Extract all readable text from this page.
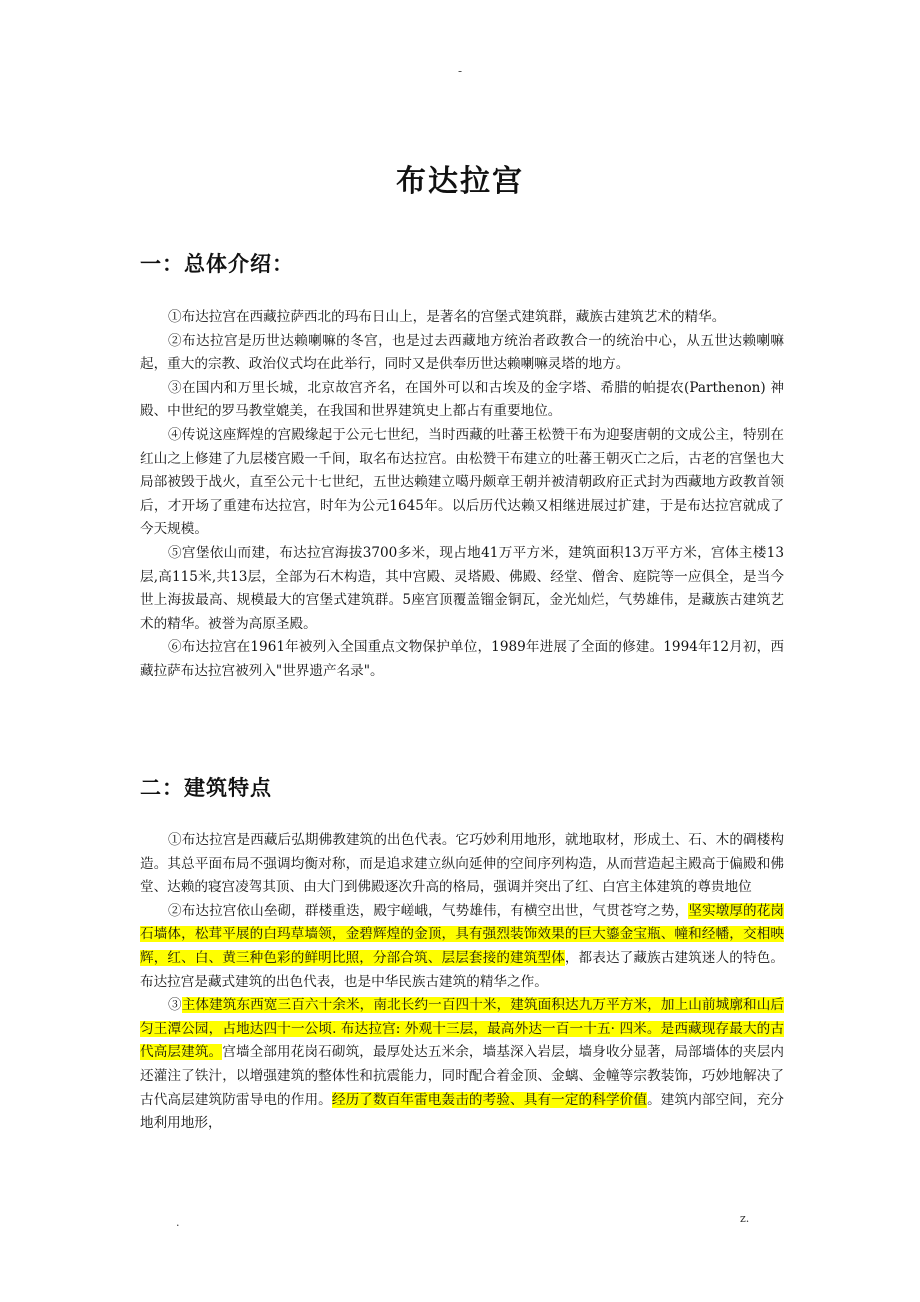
-
布达拉宫
一：总体介绍：

①布达拉宫在西藏拉萨西北的玛布日山上，是著名的宫堡式建筑群，藏族古建筑艺术的精华。

②布达拉宫是历世达赖喇嘛的冬宫，也是过去西藏地方统治者政教合一的统治中心，从五世达赖喇嘛起，重大的宗教、政治仪式均在此举行，同时又是供奉历世达赖喇嘛灵塔的地方。

③在国内和万里长城，北京故宫齐名，在国外可以和古埃及的金字塔、希腊的帕提农(Parthenon) 神殿、中世纪的罗马教堂媲美，在我国和世界建筑史上都占有重要地位。

④传说这座辉煌的宫殿缘起于公元七世纪，当时西藏的吐蕃王松赞干布为迎娶唐朝的文成公主，特别在红山之上修建了九层楼宫殿一千间，取名布达拉宫。由松赞干布建立的吐蕃王朝灭亡之后，古老的宫堡也大局部被毁于战火，直至公元十七世纪，五世达赖建立噶丹颇章王朝并被清朝政府正式封为西藏地方政教首领后，才开场了重建布达拉宫，时年为公元1645年。以后历代达赖又相继进展过扩建，于是布达拉宫就成了今天规模。

⑤宫堡依山而建，布达拉宫海拔3700多米，现占地41万平方米，建筑面积13万平方米，宫体主楼13层,高115米,共13层，全部为石木构造，其中宫殿、灵塔殿、佛殿、经堂、僧舍、庭院等一应俱全，是当今世上海拔最高、规模最大的宫堡式建筑群。5座宫顶覆盖镏金铜瓦，金光灿烂，气势雄伟，是藏族古建筑艺术的精华。被誉为高原圣殿。

⑥布达拉宫在1961年被列入全国重点文物保护单位，1989年进展了全面的修建。1994年12月初，西藏拉萨布达拉宫被列入"世界遗产名录"。

二：建筑特点

①布达拉宫是西藏后弘期佛教建筑的出色代表。它巧妙利用地形，就地取材，形成土、石、木的碉楼构造。其总平面布局不强调均衡对称，而是追求建立纵向延伸的空间序列构造，从而营造起主殿高于偏殿和佛堂、达赖的寝宫凌驾其顶、由大门到佛殿逐次升高的格局，强调并突出了红、白宫主体建筑的尊贵地位

②布达拉宫依山垒砌，群楼重迭，殿宇嵯峨，气势雄伟，有横空出世，气贯苍穹之势，坚实墩厚的花岗石墙体，松茸平展的白玛草墙领，金碧辉煌的金顶，具有强烈装饰效果的巨大鎏金宝瓶、幢和经幡，交相映辉，红、白、黄三种色彩的鲜明比照，分部合筑、层层套接的建筑型体，都表达了藏族古建筑迷人的特色。布达拉宫是藏式建筑的出色代表，也是中华民族古建筑的精华之作。

③主体建筑东西宽三百六十余米，南北长约一百四十米，建筑面积达九万平方米，加上山前城廓和山后匀王潭公园，占地达四十一公顷. 布达拉宫: 外观十三层，最高外达一百一十五· 四米。是西藏现存最大的古代高层建筑。宫墙全部用花岗石砌筑，最厚处达五米余，墙基深入岩层，墙身收分显著，局部墙体的夹层内还灌注了铁汁，以增强建筑的整体性和抗震能力，同时配合着金顶、金螭、金幢等宗教装饰，巧妙地解决了古代高层建筑防雷导电的作用。经历了数百年雷电轰击的考验、具有一定的科学价值。建筑内部空间，充分地利用地形，

.	z.
